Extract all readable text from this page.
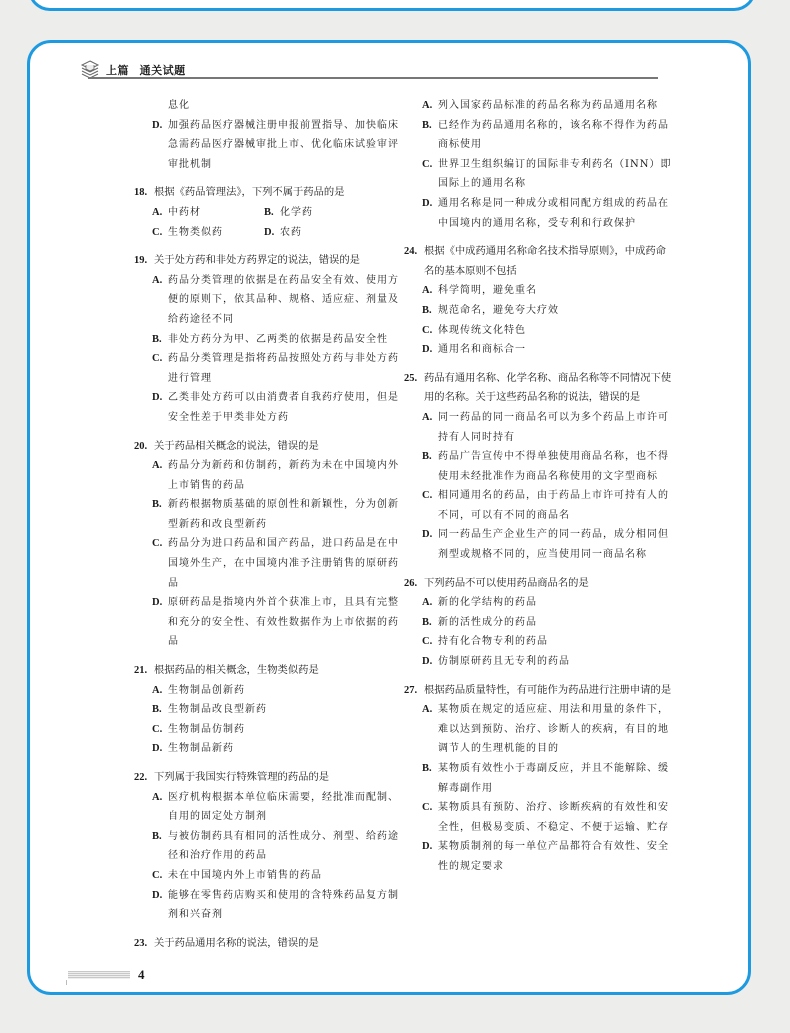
上篇 通关试题
息化
D. 加强药品医疗器械注册申报前置指导、加快临床急需药品医疗器械审批上市、优化临床试验审评审批机制
18. 根据《药品管理法》，下列不属于药品的是
A. 中药材	B. 化学药
C. 生物类似药	D. 农药
19. 关于处方药和非处方药界定的说法，错误的是
A. 药品分类管理的依据是在药品安全有效、使用方便的原则下，依其品种、规格、适应症、剂量及给药途径不同
B. 非处方药分为甲、乙两类的依据是药品安全性
C. 药品分类管理是指将药品按照处方药与非处方药进行管理
D. 乙类非处方药可以由消费者自我药疗使用，但是安全性差于甲类非处方药
20. 关于药品相关概念的说法，错误的是
A. 药品分为新药和仿制药，新药为未在中国境内外上市销售的药品
B. 新药根据物质基础的原创性和新颖性，分为创新型新药和改良型新药
C. 药品分为进口药品和国产药品，进口药品是在中国境外生产，在中国境内准予注册销售的原研药品
D. 原研药品是指境内外首个获准上市，且具有完整和充分的安全性、有效性数据作为上市依据的药品
21. 根据药品的相关概念，生物类似药是
A. 生物制品创新药
B. 生物制品改良型新药
C. 生物制品仿制药
D. 生物制品新药
22. 下列属于我国实行特殊管理的药品的是
A. 医疗机构根据本单位临床需要，经批准而配制、自用的固定处方制剂
B. 与被仿制药具有相同的活性成分、剂型、给药途径和治疗作用的药品
C. 未在中国境内外上市销售的药品
D. 能够在零售药店购买和使用的含特殊药品复方制剂和兴奋剂
23. 关于药品通用名称的说法，错误的是
A. 列入国家药品标准的药品名称为药品通用名称
B. 已经作为药品通用名称的，该名称不得作为药品商标使用
C. 世界卫生组织编订的国际非专利药名（INN）即国际上的通用名称
D. 通用名称是同一种成分或相同配方组成的药品在中国境内的通用名称，受专利和行政保护
24. 根据《中成药通用名称命名技术指导原则》，中成药命名的基本原则不包括
A. 科学简明，避免重名
B. 规范命名，避免夸大疗效
C. 体现传统文化特色
D. 通用名和商标合一
25. 药品有通用名称、化学名称、商品名称等不同情况下使用的名称。关于这些药品名称的说法，错误的是
A. 同一药品的同一商品名可以为多个药品上市许可持有人同时持有
B. 药品广告宣传中不得单独使用商品名称，也不得使用未经批准作为商品名称使用的文字型商标
C. 相同通用名的药品，由于药品上市许可持有人的不同，可以有不同的商品名
D. 同一药品生产企业生产的同一药品，成分相同但剂型或规格不同的，应当使用同一商品名称
26. 下列药品不可以使用药品商品名的是
A. 新的化学结构的药品
B. 新的活性成分的药品
C. 持有化合物专利的药品
D. 仿制原研药且无专利的药品
27. 根据药品质量特性，有可能作为药品进行注册申请的是
A. 某物质在规定的适应症、用法和用量的条件下，难以达到预防、治疗、诊断人的疾病，有目的地调节人的生理机能的目的
B. 某物质有效性小于毒副反应，并且不能解除、缓解毒副作用
C. 某物质具有预防、治疗、诊断疾病的有效性和安全性，但极易变质、不稳定、不便于运输、贮存
D. 某物质制剂的每一单位产品都符合有效性、安全性的规定要求
4
